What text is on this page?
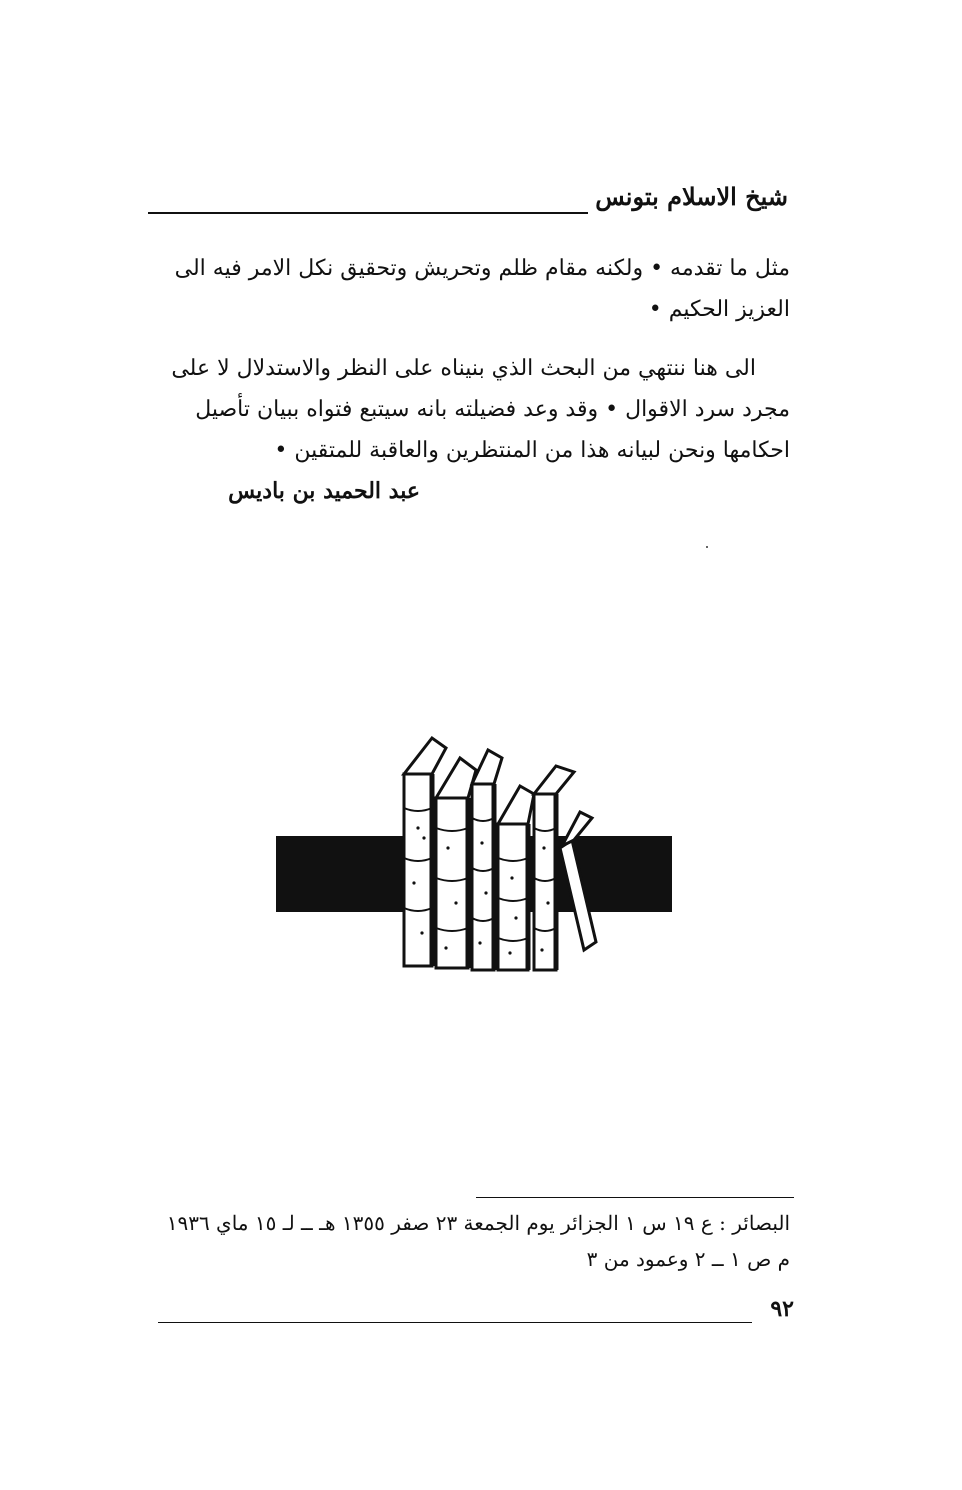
شيخ الاسلام بتونس
مثل ما تقدمه • ولكنه مقام ظلم وتحريش وتحقيق نكل الامر فيه الى العزيز الحكيم •
الى هنا ننتهي من البحث الذي بنيناه على النظر والاستدلال لا على مجرد سرد الاقوال • وقد وعد فضيلته بانه سيتبع فتواه ببيان تأصيل احكامها ونحن لبيانه هذا من المنتظرين والعاقبة للمتقين •
عبد الحميد بن باديس
البصائر : ع ١٩ س ١ الجزائر يوم الجمعة ٢٣ صفر ١٣٥٥ هـ ــ لـ ١٥ ماي ١٩٣٦ م ص ١ ــ ٢ وعمود من ٣
٩٢
